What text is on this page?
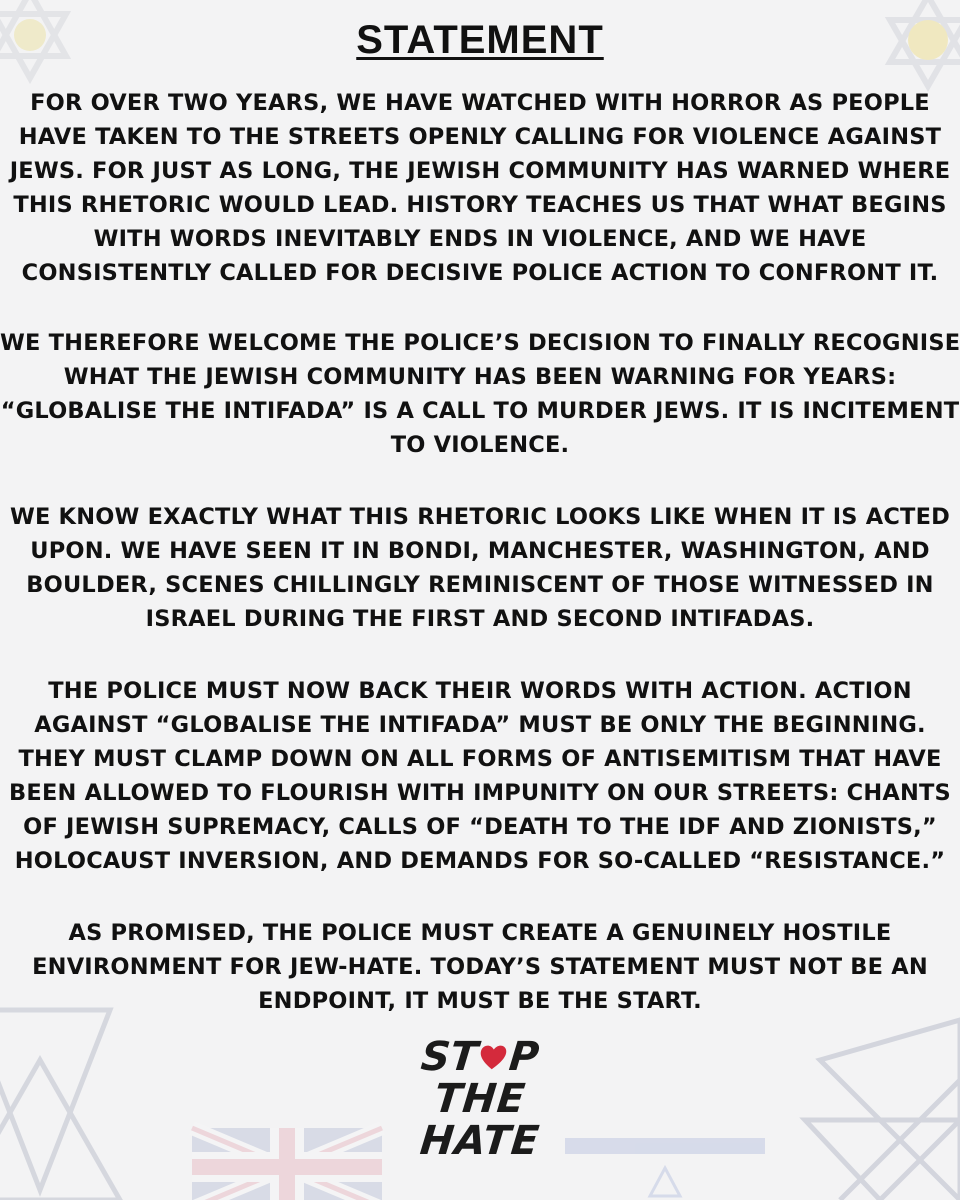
STATEMENT

FOR OVER TWO YEARS, WE HAVE WATCHED WITH HORROR AS PEOPLE
HAVE TAKEN TO THE STREETS OPENLY CALLING FOR VIOLENCE AGAINST
JEWS. FOR JUST AS LONG, THE JEWISH COMMUNITY HAS WARNED WHERE
THIS RHETORIC WOULD LEAD. HISTORY TEACHES US THAT WHAT BEGINS
WITH WORDS INEVITABLY ENDS IN VIOLENCE, AND WE HAVE
CONSISTENTLY CALLED FOR DECISIVE POLICE ACTION TO CONFRONT IT.

WE THEREFORE WELCOME THE POLICE’S DECISION TO FINALLY RECOGNISE
WHAT THE JEWISH COMMUNITY HAS BEEN WARNING FOR YEARS:
“GLOBALISE THE INTIFADA” IS A CALL TO MURDER JEWS. IT IS INCITEMENT
TO VIOLENCE.

WE KNOW EXACTLY WHAT THIS RHETORIC LOOKS LIKE WHEN IT IS ACTED
UPON. WE HAVE SEEN IT IN BONDI, MANCHESTER, WASHINGTON, AND
BOULDER, SCENES CHILLINGLY REMINISCENT OF THOSE WITNESSED IN
ISRAEL DURING THE FIRST AND SECOND INTIFADAS.

THE POLICE MUST NOW BACK THEIR WORDS WITH ACTION. ACTION
AGAINST “GLOBALISE THE INTIFADA” MUST BE ONLY THE BEGINNING.
THEY MUST CLAMP DOWN ON ALL FORMS OF ANTISEMITISM THAT HAVE
BEEN ALLOWED TO FLOURISH WITH IMPUNITY ON OUR STREETS: CHANTS
OF JEWISH SUPREMACY, CALLS OF “DEATH TO THE IDF AND ZIONISTS,”
HOLOCAUST INVERSION, AND DEMANDS FOR SO-CALLED “RESISTANCE.”

AS PROMISED, THE POLICE MUST CREATE A GENUINELY HOSTILE
ENVIRONMENT FOR JEW-HATE. TODAY’S STATEMENT MUST NOT BE AN
ENDPOINT, IT MUST BE THE START.

ST P
THE
HATE
